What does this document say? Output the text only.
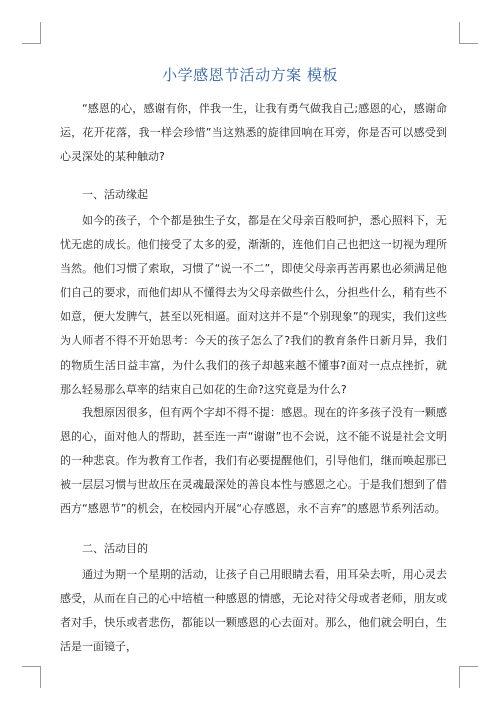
小学感恩节活动方案 模板

“感恩的心，感谢有你，伴我一生，让我有勇气做我自己;感恩的心，感谢命运，花开花落，我一样会珍惜”当这熟悉的旋律回响在耳旁，你是否可以感受到心灵深处的某种触动?

一、活动缘起

如今的孩子，个个都是独生子女，都是在父母亲百般呵护，悉心照料下，无忧无虑的成长。他们接受了太多的爱，渐渐的，连他们自己也把这一切视为理所当然。他们习惯了索取，习惯了“说一不二”，即使父母亲再苦再累也必须满足他们自己的要求，而他们却从不懂得去为父母亲做些什么，分担些什么，稍有些不如意，便大发脾气，甚至以死相逼。面对这并不是“个别现象”的现实，我们这些为人师者不得不开始思考：今天的孩子怎么了?我们的教育条件日新月异，我们的物质生活日益丰富，为什么我们的孩子却越来越不懂事?面对一点点挫折，就那么轻易那么草率的结束自己如花的生命?这究竟是为什么?

我想原因很多，但有两个字却不得不提：感恩。现在的许多孩子没有一颗感恩的心，面对他人的帮助，甚至连一声“谢谢”也不会说，这不能不说是社会文明的一种悲哀。作为教育工作者，我们有必要提醒他们，引导他们，继而唤起那已被一层层习惯与世故压在灵魂最深处的善良本性与感恩之心。于是我们想到了借西方“感恩节”的机会，在校园内开展“心存感恩，永不言弃”的感恩节系列活动。

二、活动目的

通过为期一个星期的活动，让孩子自己用眼睛去看，用耳朵去听，用心灵去感受，从而在自己的心中培植一种感恩的情感，无论对待父母或者老师，朋友或者对手，快乐或者悲伤，都能以一颗感恩的心去面对。那么，他们就会明白，生活是一面镜子，
